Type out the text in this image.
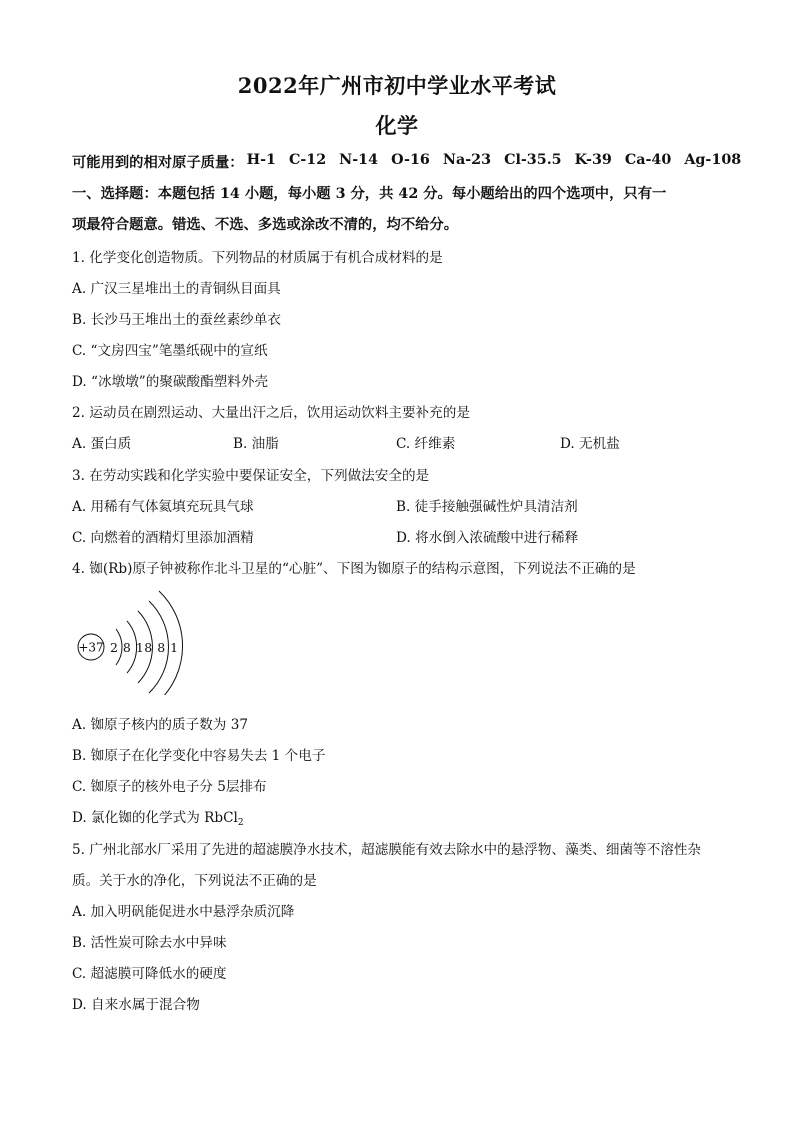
2022年广州市初中学业水平考试
化学
可能用到的相对原子质量： H-1 C-12 N-14 O-16 Na-23 Cl-35.5 K-39 Ca-40 Ag-108
一、选择题：本题包括 14 小题，每小题 3 分，共 42 分。每小题给出的四个选项中，只有一
项最符合题意。错选、不选、多选或涂改不清的，均不给分。
1. 化学变化创造物质。下列物品的材质属于有机合成材料的是
A. 广汉三星堆出土的青铜纵目面具
B. 长沙马王堆出土的蚕丝素纱单衣
C. “文房四宝”笔墨纸砚中的宣纸
D. “冰墩墩”的聚碳酸酯塑料外壳
2. 运动员在剧烈运动、大量出汗之后，饮用运动饮料主要补充的是
A. 蛋白质	B. 油脂	C. 纤维素	D. 无机盐
3. 在劳动实践和化学实验中要保证安全，下列做法安全的是
A. 用稀有气体氦填充玩具气球	B. 徒手接触强碱性炉具清洁剂
C. 向燃着的酒精灯里添加酒精	D. 将水倒入浓硫酸中进行稀释
4. 铷(Rb)原子钟被称作北斗卫星的“心脏”、下图为铷原子的结构示意图，下列说法不正确的是
+37 2 8 18 8 1
A. 铷原子核内的质子数为 37
B. 铷原子在化学变化中容易失去 1 个电子
C. 铷原子的核外电子分 5层排布
D. 氯化铷的化学式为 RbCl$_2$
5. 广州北部水厂采用了先进的超滤膜净水技术，超滤膜能有效去除水中的悬浮物、藻类、细菌等不溶性杂
质。关于水的净化，下列说法不正确的是
A. 加入明矾能促进水中悬浮杂质沉降
B. 活性炭可除去水中异味
C. 超滤膜可降低水的硬度
D. 自来水属于混合物
